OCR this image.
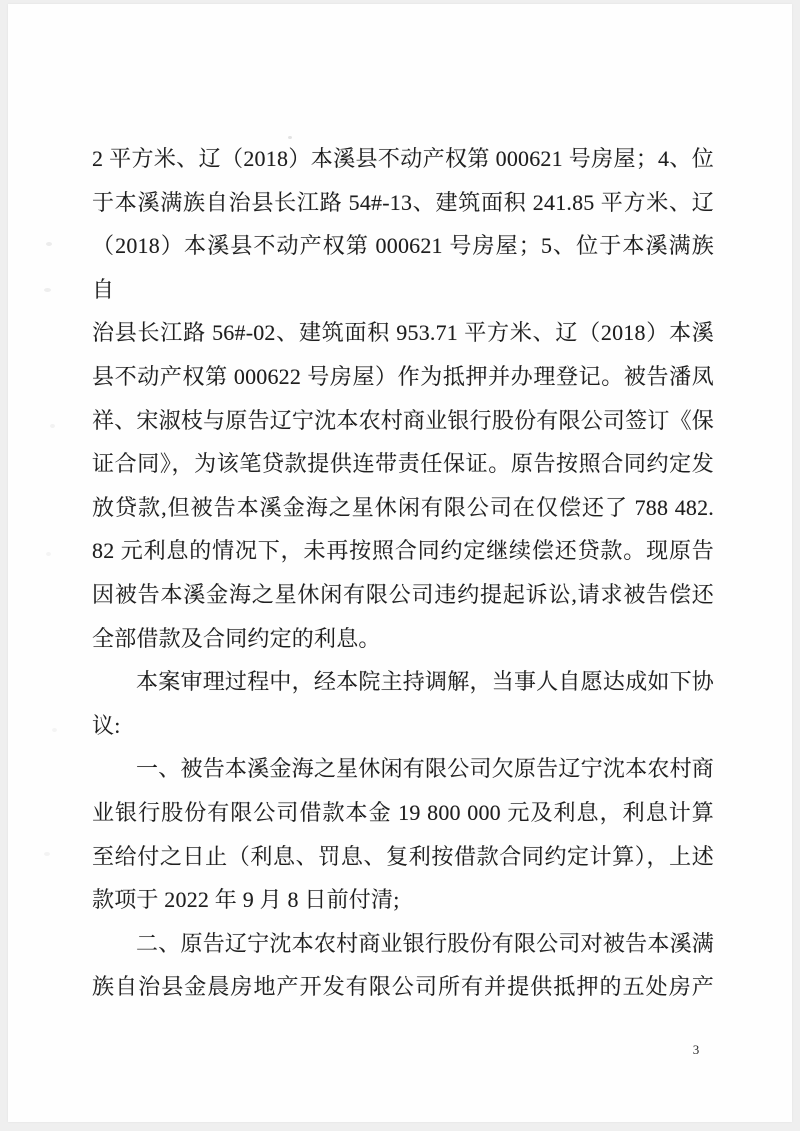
2 平方米、辽（2018）本溪县不动产权第 000621 号房屋；4、位
于本溪满族自治县长江路 54#-13、建筑面积 241.85 平方米、辽
（2018）本溪县不动产权第 000621 号房屋；5、位于本溪满族自
治县长江路 56#-02、建筑面积 953.71 平方米、辽（2018）本溪
县不动产权第 000622 号房屋）作为抵押并办理登记。被告潘凤
祥、宋淑枝与原告辽宁沈本农村商业银行股份有限公司签订《保
证合同》，为该笔贷款提供连带责任保证。原告按照合同约定发
放贷款,但被告本溪金海之星休闲有限公司在仅偿还了 788 482.
82 元利息的情况下，未再按照合同约定继续偿还贷款。现原告
因被告本溪金海之星休闲有限公司违约提起诉讼,请求被告偿还
全部借款及合同约定的利息。
本案审理过程中，经本院主持调解，当事人自愿达成如下协
议:
一、被告本溪金海之星休闲有限公司欠原告辽宁沈本农村商
业银行股份有限公司借款本金 19 800 000 元及利息，利息计算
至给付之日止（利息、罚息、复利按借款合同约定计算），上述
款项于 2022 年 9 月 8 日前付清;
二、原告辽宁沈本农村商业银行股份有限公司对被告本溪满
族自治县金晨房地产开发有限公司所有并提供抵押的五处房产
3
